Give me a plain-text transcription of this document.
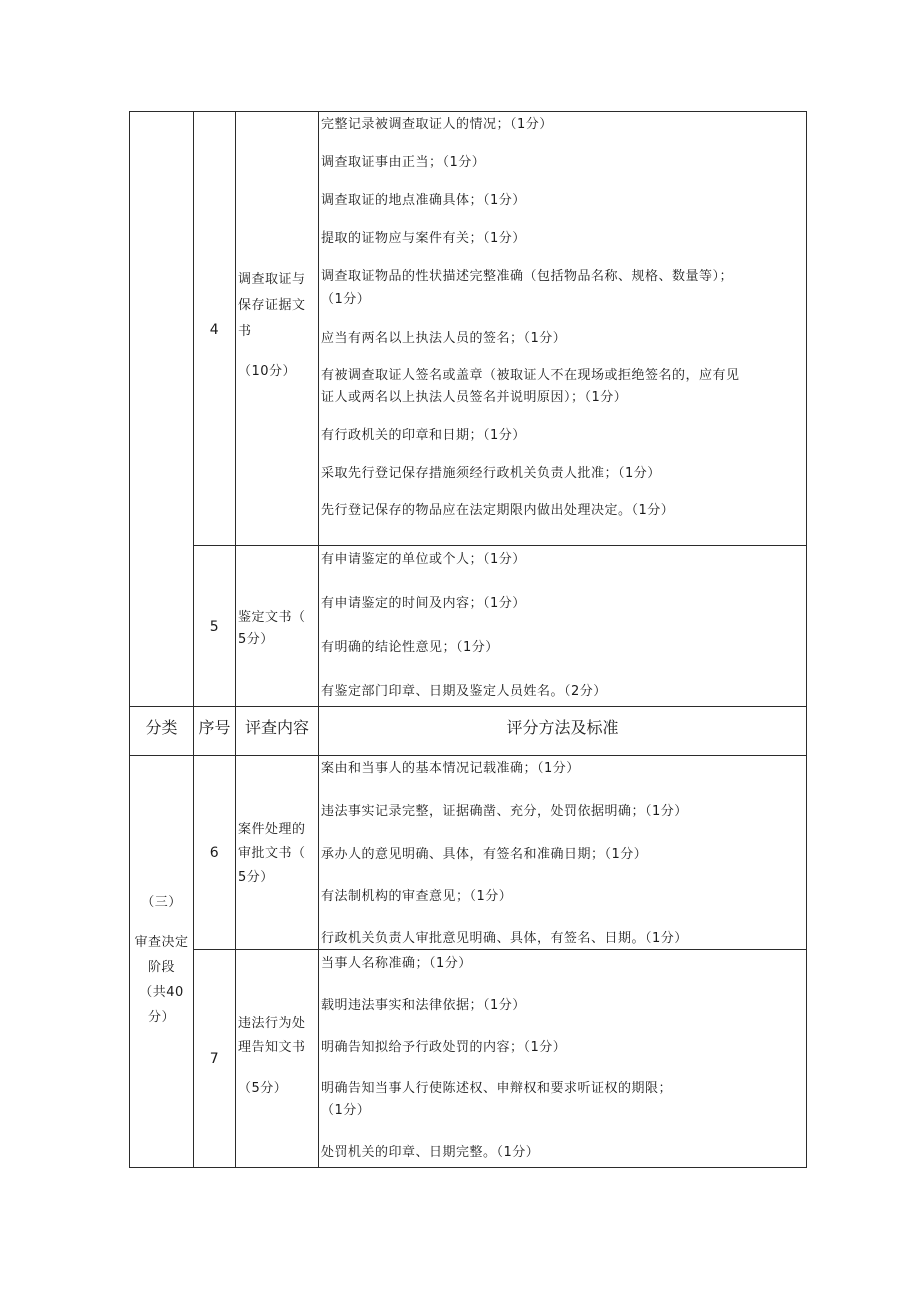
4
调查取证与
保存证据文
书
（10分）
完整记录被调查取证人的情况；（1分）
调查取证事由正当；（1分）
调查取证的地点准确具体；（1分）
提取的证物应与案件有关；（1分）
调查取证物品的性状描述完整准确（包括物品名称、规格、数量等）；
（1分）
应当有两名以上执法人员的签名；（1分）
有被调查取证人签名或盖章（被取证人不在现场或拒绝签名的，应有见
证人或两名以上执法人员签名并说明原因）；（1分）
有行政机关的印章和日期；（1分）
采取先行登记保存措施须经行政机关负责人批准；（1分）
先行登记保存的物品应在法定期限内做出处理决定。（1分）
5
鉴定文书（
5分）
有申请鉴定的单位或个人；（1分）
有申请鉴定的时间及内容；（1分）
有明确的结论性意见；（1分）
有鉴定部门印章、日期及鉴定人员姓名。（2分）
分类	序号 评查内容	评分方法及标准
（三）
审查决定
阶段
（共40
分）
6
案件处理的
审批文书（
5分）
案由和当事人的基本情况记载准确；（1分）
违法事实记录完整，证据确凿、充分，处罚依据明确；（1分）
承办人的意见明确、具体，有签名和准确日期；（1分）
有法制机构的审查意见；（1分）
行政机关负责人审批意见明确、具体，有签名、日期。（1分）
7
违法行为处
理告知文书
（5分）
当事人名称准确；（1分）
载明违法事实和法律依据；（1分）
明确告知拟给予行政处罚的内容；（1分）
明确告知当事人行使陈述权、申辩权和要求听证权的期限；
（1分）
处罚机关的印章、日期完整。（1分）
